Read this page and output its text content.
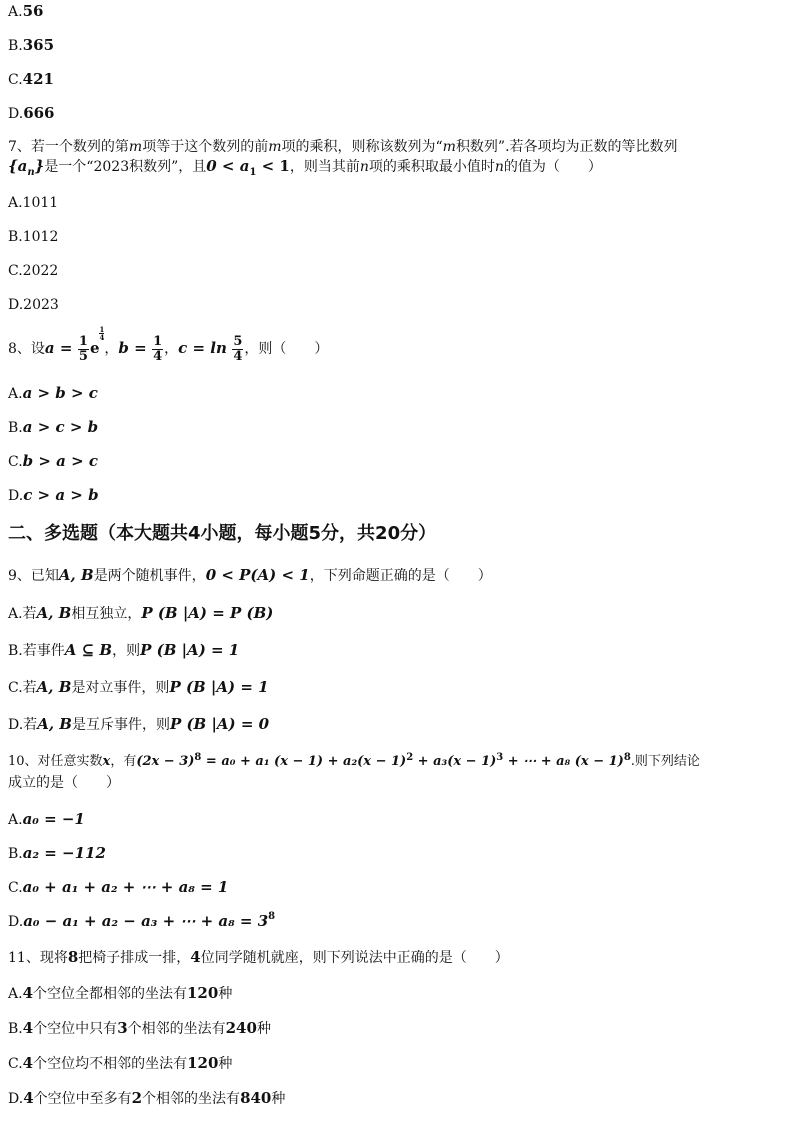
A.56
B.365
C.421
D.666
7、若一个数列的第m项等于这个数列的前m项的乘积，则称该数列为“m积数列”.若各项均为正数的等比数列
$\{a_n\}$是一个“2023积数列”，且$0 < a_1 < 1$，则当其前n项的乘积取最小值时n的值为（　　）
A.1011
B.1012
C.2022
D.2023
8、设$a = \frac{1}{5}$ e
$\frac{1}{4}$，$b = \frac{1}{4}$ ，$c = \ln \frac{5}{4}$ ，则（　　）
A.a > b > c
B.a > c > b
C.b > a > c
D.c > a > b
二、多选题（本大题共4小题，每小题5分，共20分）
9、已知A, B是两个随机事件，0 < P(A) < 1，下列命题正确的是（　　）
A.若A, B相互独立，P (B |A) = P (B)
B.若事件A ⊆ B，则P (B |A) = 1
C.若A, B是对立事件，则P (B |A) = 1
D.若A, B是互斥事件，则P (B |A) = 0
10、对任意实数x，有$(2x - 3)^8 = a_0 + a_1$ $(x - 1) + a_2(x - 1)^2 + a_3(x - 1)^3$ + ⋯ + a₈ $(x - 1)^8$.则下列结论
成立的是（　　）
A.a₀ = −1
B.a₂ = −112
C.a₀ + a₁ + a₂ + ⋯ + a₈ = 1
D.a₀ − a₁ + a₂ − a₃ + ⋯ + $a_8 = 3^8$
11、现将8把椅子排成一排，4位同学随机就座，则下列说法中正确的是（　　）
A.4个空位全都相邻的坐法有120种
B.4个空位中只有3个相邻的坐法有240种
C.4个空位均不相邻的坐法有120种
D.4个空位中至多有2个相邻的坐法有840种
